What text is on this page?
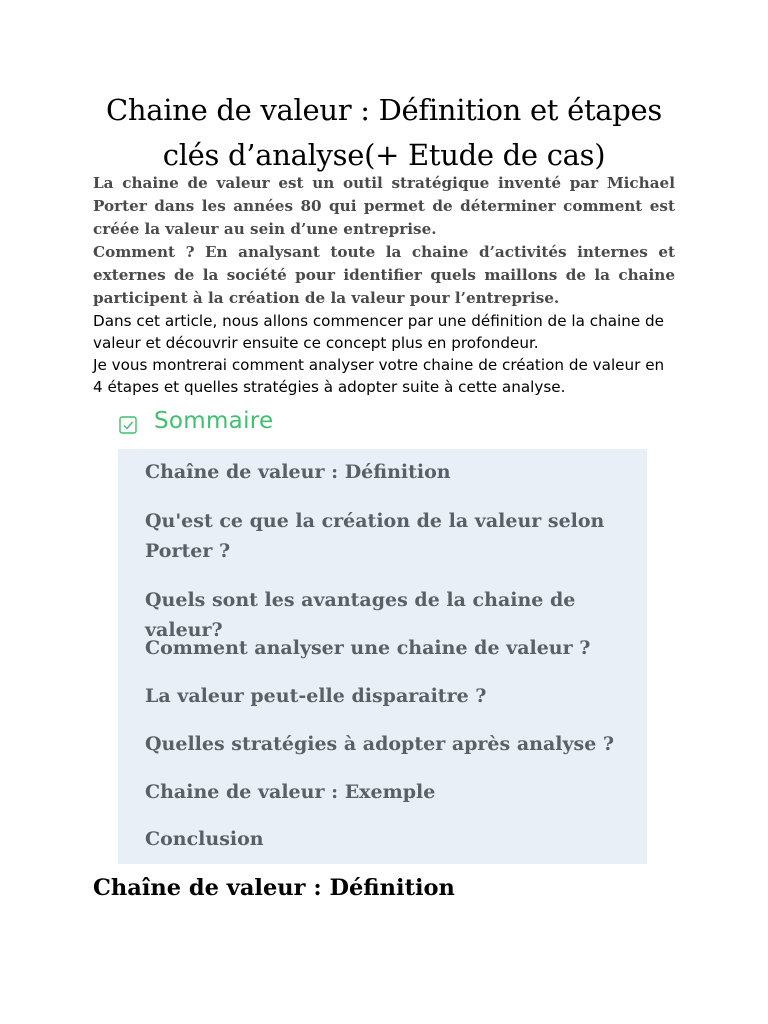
Chaine de valeur : Définition et étapes
clés d’analyse(+ Etude de cas)

La chaine de valeur est un outil stratégique inventé par Michael Porter dans les années 80 qui permet de déterminer comment est créée la valeur au sein d’une entreprise.

Comment ? En analysant toute la chaine d’activités internes et externes de la société pour identifier quels maillons de la chaine participent à la création de la valeur pour l’entreprise.

Dans cet article, nous allons commencer par une définition de la chaine de valeur et découvrir ensuite ce concept plus en profondeur.

Je vous montrerai comment analyser votre chaine de création de valeur en 4 étapes et quelles stratégies à adopter suite à cette analyse.

Sommaire
Chaîne de valeur : Définition
Qu'est ce que la création de la valeur selon
Porter ?
Quels sont les avantages de la chaine de valeur?
Comment analyser une chaine de valeur ?
La valeur peut-elle disparaitre ?
Quelles stratégies à adopter après analyse ?
Chaine de valeur : Exemple
Conclusion
Chaîne de valeur : Définition
